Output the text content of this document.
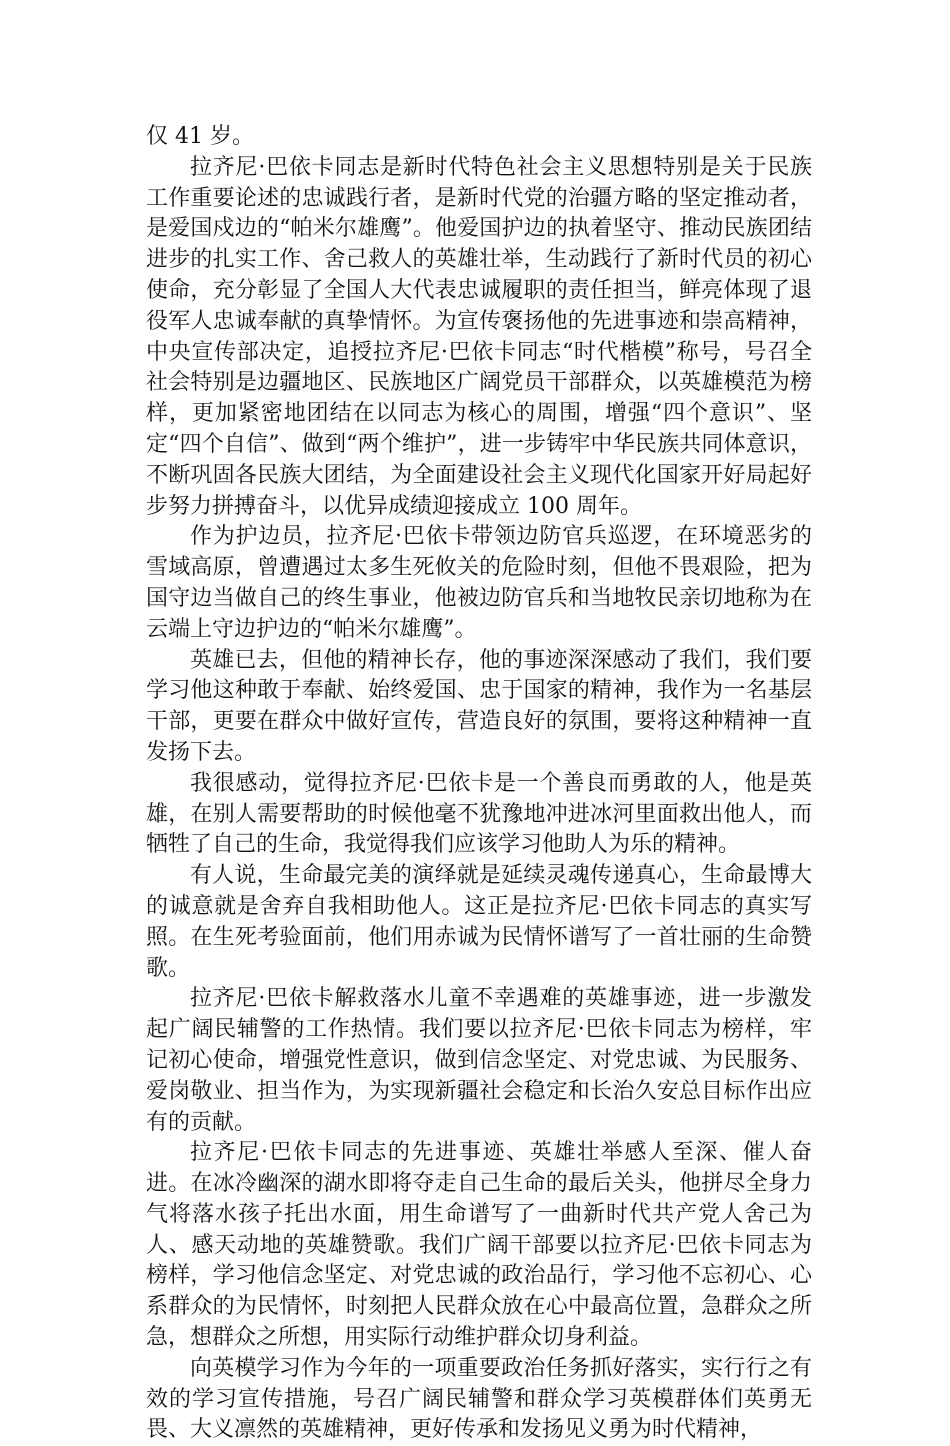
仅 41 岁。

拉齐尼·巴依卡同志是新时代特色社会主义思想特别是关于民族工作重要论述的忠诚践行者，是新时代党的治疆方略的坚定推动者，是爱国戍边的“帕米尔雄鹰”。他爱国护边的执着坚守、推动民族团结进步的扎实工作、舍己救人的英雄壮举，生动践行了新时代员的初心使命，充分彰显了全国人大代表忠诚履职的责任担当，鲜亮体现了退役军人忠诚奉献的真挚情怀。为宣传褒扬他的先进事迹和崇高精神，中央宣传部决定，追授拉齐尼·巴依卡同志“时代楷模”称号，号召全社会特别是边疆地区、民族地区广阔党员干部群众，以英雄模范为榜样，更加紧密地团结在以同志为核心的周围，增强“四个意识”、坚定“四个自信”、做到“两个维护”，进一步铸牢中华民族共同体意识，不断巩固各民族大团结，为全面建设社会主义现代化国家开好局起好步努力拼搏奋斗，以优异成绩迎接成立 100 周年。

作为护边员，拉齐尼·巴依卡带领边防官兵巡逻，在环境恶劣的雪域高原，曾遭遇过太多生死攸关的危险时刻，但他不畏艰险，把为国守边当做自己的终生事业，他被边防官兵和当地牧民亲切地称为在云端上守边护边的“帕米尔雄鹰”。

英雄已去，但他的精神长存，他的事迹深深感动了我们，我们要学习他这种敢于奉献、始终爱国、忠于国家的精神，我作为一名基层干部，更要在群众中做好宣传，营造良好的氛围，要将这种精神一直发扬下去。

我很感动，觉得拉齐尼·巴依卡是一个善良而勇敢的人，他是英雄，在别人需要帮助的时候他毫不犹豫地冲进冰河里面救出他人，而牺牲了自己的生命，我觉得我们应该学习他助人为乐的精神。

有人说，生命最完美的演绎就是延续灵魂传递真心，生命最博大的诚意就是舍弃自我相助他人。这正是拉齐尼·巴依卡同志的真实写照。在生死考验面前，他们用赤诚为民情怀谱写了一首壮丽的生命赞歌。

拉齐尼·巴依卡解救落水儿童不幸遇难的英雄事迹，进一步激发起广阔民辅警的工作热情。我们要以拉齐尼·巴依卡同志为榜样，牢记初心使命，增强党性意识，做到信念坚定、对党忠诚、为民服务、爱岗敬业、担当作为，为实现新疆社会稳定和长治久安总目标作出应有的贡献。

拉齐尼·巴依卡同志的先进事迹、英雄壮举感人至深、催人奋进。在冰冷幽深的湖水即将夺走自己生命的最后关头，他拼尽全身力气将落水孩子托出水面，用生命谱写了一曲新时代共产党人舍己为人、感天动地的英雄赞歌。我们广阔干部要以拉齐尼·巴依卡同志为榜样，学习他信念坚定、对党忠诚的政治品行，学习他不忘初心、心系群众的为民情怀，时刻把人民群众放在心中最高位置，急群众之所急，想群众之所想，用实际行动维护群众切身利益。

向英模学习作为今年的一项重要政治任务抓好落实，实行行之有效的学习宣传措施，号召广阔民辅警和群众学习英模群体们英勇无畏、大义凛然的英雄精神，更好传承和发扬见义勇为时代精神，
